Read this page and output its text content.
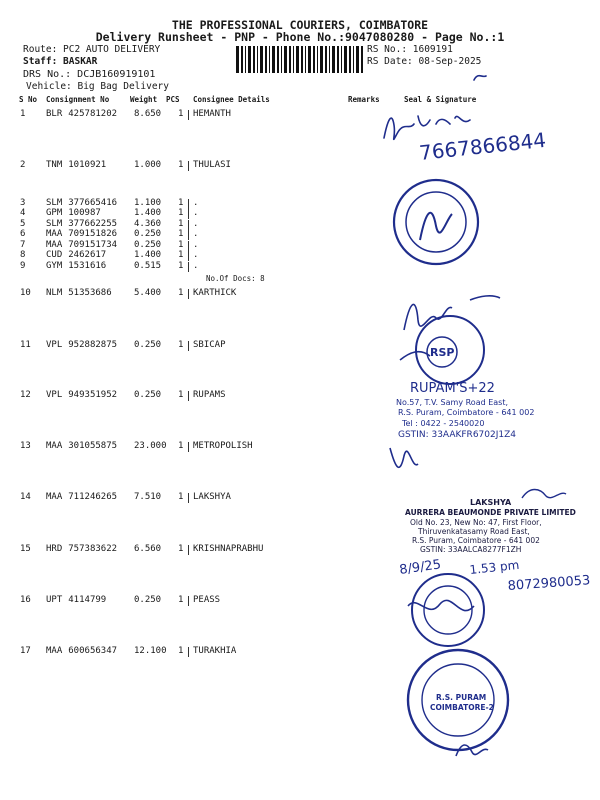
THE PROFESSIONAL COURIERS, COIMBATORE
Delivery Runsheet - PNP - Phone No.:9047080280 - Page No.:1
Route: PC2 AUTO DELIVERY
Staff: BASKAR
DRS No.: DCJB160919101
Vehicle: Big Bag Delivery
RS No.: 1609191
RS Date: 08-Sep-2025
S No Consignment No	Weight PCS Consignee Details	Remarks	Seal & Signature
1 BLR 425781202 8.650 1 HEMANTH
2 TNM 1010921	1.000 1 THULASI
3 SLM 377665416 1.100 1 .
4 GPM 100987	1.400 1 .
5 SLM 377662255 4.360 1 .
6 MAA 709151826 0.250 1 .
7 MAA 709151734 0.250 1 .
8 CUD 2462617	1.400 1 .
9 GYM 1531616	0.515 1 .
10 NLM 51353686 5.400 1 KARTHICK
11 VPL 952882875 0.250 1 SBICAP
12 VPL 949351952 0.250 1 RUPAMS
13 MAA 301055875 23.000 1 METROPOLISH
14 MAA 711246265 7.510 1 LAKSHYA
15 HRD 757383622 6.560 1 KRISHNAPRABHU
16 UPT 4114799	0.250 1 PEASS
17 MAA 600656347 12.100 1 TURAKHIA
No.Of Docs: 8
RUPAM'S+22
No.57, T.V. Samy Road East,
R.S. Puram, Coimbatore - 641 002
Tel : 0422 - 2540020
GSTIN: 33AAKFR6702J1Z4
LAKSHYA
AURRERA BEAUMONDE PRIVATE LIMITED
Old No. 23, New No: 47, First Floor,
Thiruvenkatasamy Road East,
R.S. Puram, Coimbatore - 641 002
GSTIN: 33AALCA8277F1ZH
7667866844
RSP
8/9/25 1.53 pm
8072980053
R.S. PURAM
COIMBATORE-2
